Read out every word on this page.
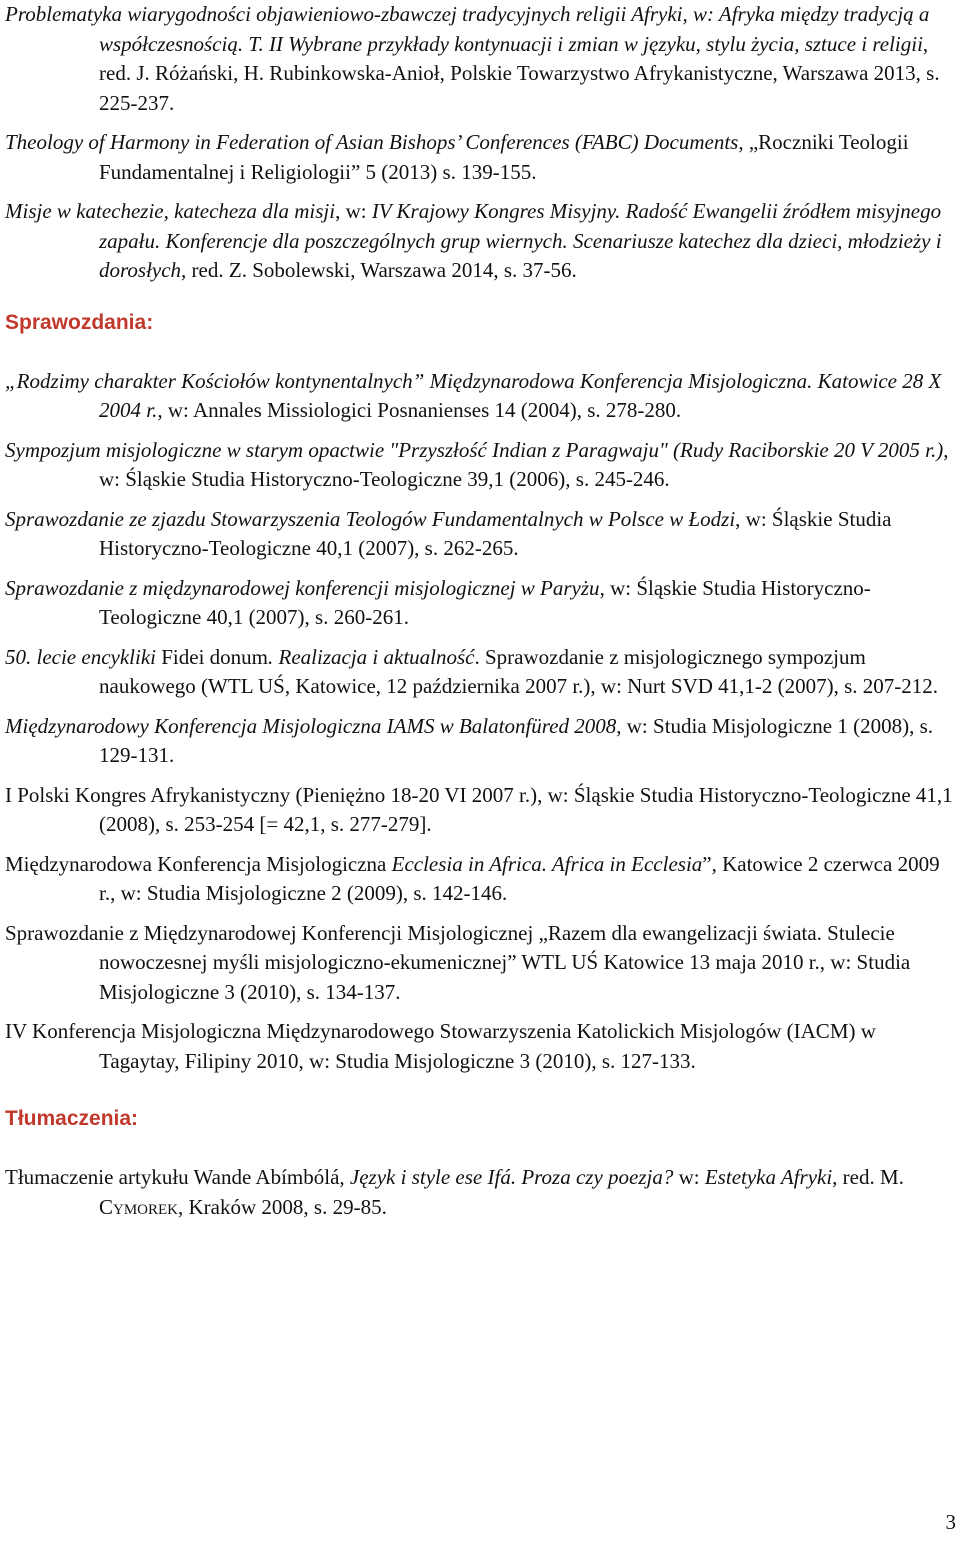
Problematyka wiarygodności objawieniowo-zbawczej tradycyjnych religii Afryki, w: Afryka między tradycją a współczesnością. T. II Wybrane przykłady kontynuacji i zmian w języku, stylu życia, sztuce i religii, red. J. Różański, H. Rubinkowska-Anioł, Polskie Towarzystwo Afrykanistyczne, Warszawa 2013, s. 225-237.
Theology of Harmony in Federation of Asian Bishops’ Conferences (FABC) Documents, „Roczniki Teologii Fundamentalnej i Religiologii” 5 (2013) s. 139-155.
Misje w katechezie, katecheza dla misji, w: IV Krajowy Kongres Misyjny. Radość Ewangelii źródłem misyjnego zapału. Konferencje dla poszczególnych grup wiernych. Scenariusze katechez dla dzieci, młodzieży i dorosłych, red. Z. Sobolewski, Warszawa 2014, s. 37-56.
Sprawozdania:
„Rodzimy charakter Kościołów kontynentalnych” Międzynarodowa Konferencja Misjologiczna. Katowice 28 X 2004 r., w: Annales Missiologici Posnanienses 14 (2004), s. 278-280.
Sympozjum misjologiczne w starym opactwie "Przyszłość Indian z Paragwaju" (Rudy Raciborskie 20 V 2005 r.), w: Śląskie Studia Historyczno-Teologiczne 39,1 (2006), s. 245-246.
Sprawozdanie ze zjazdu Stowarzyszenia Teologów Fundamentalnych w Polsce w Łodzi, w: Śląskie Studia Historyczno-Teologiczne 40,1 (2007), s. 262-265.
Sprawozdanie z międzynarodowej konferencji misjologicznej w Paryżu, w: Śląskie Studia Historyczno-Teologiczne 40,1 (2007), s. 260-261.
50. lecie encykliki Fidei donum. Realizacja i aktualność. Sprawozdanie z misjologicznego sympozjum naukowego (WTL UŚ, Katowice, 12 października 2007 r.), w: Nurt SVD 41,1-2 (2007), s. 207-212.
Międzynarodowy Konferencja Misjologiczna IAMS w Balatonfüred 2008, w: Studia Misjologiczne 1 (2008), s. 129-131.
I Polski Kongres Afrykanistyczny (Pieniężno 18-20 VI 2007 r.), w: Śląskie Studia Historyczno-Teologiczne 41,1 (2008), s. 253-254 [= 42,1, s. 277-279].
Międzynarodowa Konferencja Misjologiczna Ecclesia in Africa. Africa in Ecclesia”, Katowice 2 czerwca 2009 r., w: Studia Misjologiczne 2 (2009), s. 142-146.
Sprawozdanie z Międzynarodowej Konferencji Misjologicznej „Razem dla ewangelizacji świata. Stulecie nowoczesnej myśli misjologiczno-ekumenicznej” WTL UŚ Katowice 13 maja 2010 r., w: Studia Misjologiczne 3 (2010), s. 134-137.
IV Konferencja Misjologiczna Międzynarodowego Stowarzyszenia Katolickich Misjologów (IACM) w Tagaytay, Filipiny 2010, w: Studia Misjologiczne 3 (2010), s. 127-133.
Tłumaczenia:
Tłumaczenie artykułu Wande Abímbólá, Język i style ese Ifá. Proza czy poezja? w: Estetyka Afryki, red. M. Cymorek, Kraków 2008, s. 29-85.
3
